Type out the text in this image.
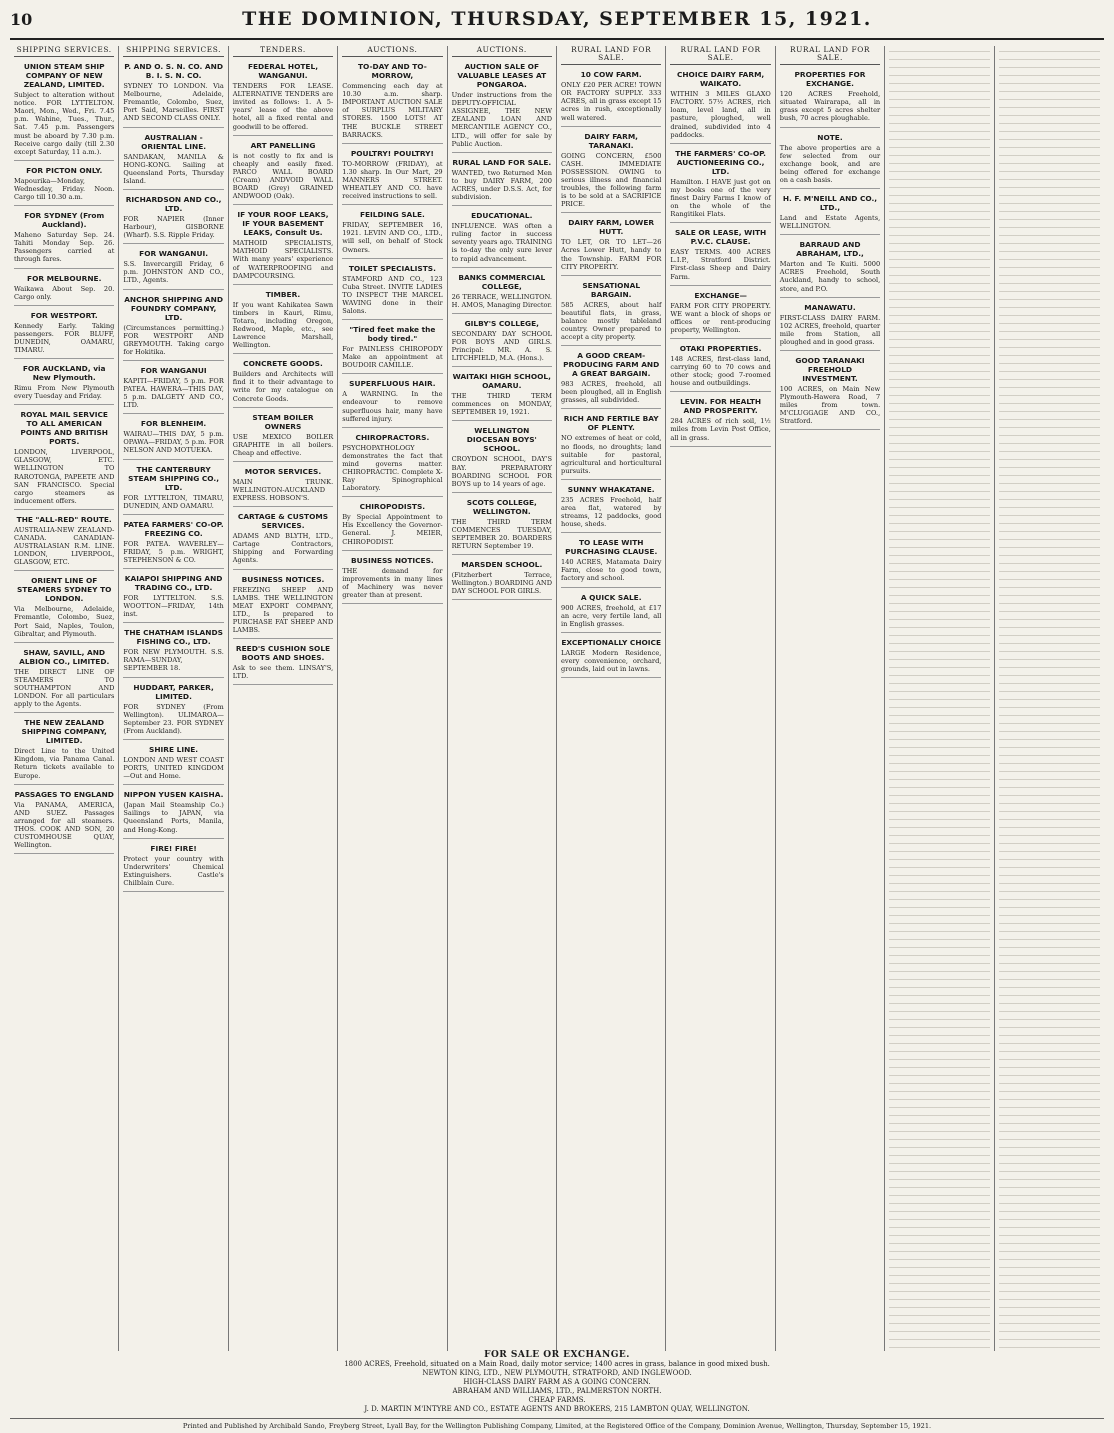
10	THE DOMINION, THURSDAY, SEPTEMBER 15, 1921.
SHIPPING SERVICES.
UNION STEAM SHIP COMPANY OF NEW ZEALAND, LIMITED.
Subject to alteration without notice. FOR LYTTELTON. Maori, Mon., Wed., Fri. 7.45 p.m. Wahine, Tues., Thur., Sat. 7.45 p.m. Passengers must be aboard by 7.30 p.m. Receive cargo daily (till 2.30 except Saturday, 11 a.m.).
FOR PICTON ONLY.
Mapourika—Monday, Wednesday, Friday. Noon. Cargo till 10.30 a.m.
FOR SYDNEY (From Auckland).
Maheno Saturday Sep. 24. Tahiti Monday Sep. 26. Passengers carried at through fares.
FOR MELBOURNE.
Waikawa About Sep. 20. Cargo only.
FOR WESTPORT.
Kennedy Early. Taking passengers. FOR BLUFF, DUNEDIN, OAMARU, TIMARU.
FOR AUCKLAND, via New Plymouth.
Rimu From New Plymouth every Tuesday and Friday.
ROYAL MAIL SERVICE TO ALL AMERICAN POINTS AND BRITISH PORTS.
LONDON, LIVERPOOL, GLASGOW, ETC. WELLINGTON TO RAROTONGA, PAPEETE AND SAN FRANCISCO. Special cargo steamers as inducement offers.
THE "ALL-RED" ROUTE.
AUSTRALIA-NEW ZEALAND-CANADA. CANADIAN-AUSTRALASIAN R.M. LINE. LONDON, LIVERPOOL, GLASGOW, ETC.
ORIENT LINE OF STEAMERS SYDNEY TO LONDON.
Via Melbourne, Adelaide, Fremantle, Colombo, Suez, Port Said, Naples, Toulon, Gibraltar, and Plymouth.
SHAW, SAVILL, AND ALBION CO., LIMITED.
THE DIRECT LINE OF STEAMERS TO SOUTHAMPTON AND LONDON. For all particulars apply to the Agents.
THE NEW ZEALAND SHIPPING COMPANY, LIMITED.
Direct Line to the United Kingdom, via Panama Canal. Return tickets available to Europe.
PASSAGES TO ENGLAND
Via PANAMA, AMERICA, AND SUEZ. Passages arranged for all steamers. THOS. COOK AND SON, 20 CUSTOMHOUSE QUAY, Wellington.
SHIPPING SERVICES.
P. AND O. S. N. CO. AND B. I. S. N. CO.
SYDNEY TO LONDON. Via Melbourne, Adelaide, Fremantle, Colombo, Suez, Port Said, Marseilles. FIRST AND SECOND CLASS ONLY.
AUSTRALIAN - ORIENTAL LINE.
SANDAKAN, MANILA & HONG-KONG. Sailing at Queensland Ports, Thursday Island.
RICHARDSON AND CO., LTD.
FOR NAPIER (Inner Harbour), GISBORNE (Wharf). S.S. Ripple Friday.
FOR WANGANUI.
S.S. Invercargill Friday, 6 p.m. JOHNSTON AND CO., LTD., Agents.
ANCHOR SHIPPING AND FOUNDRY COMPANY, LTD.
(Circumstances permitting.) FOR WESTPORT AND GREYMOUTH. Taking cargo for Hokitika.
FOR WANGANUI
KAPITI—FRIDAY, 5 p.m. FOR PATEA. HAWERA—THIS DAY, 5 p.m. DALGETY AND CO., LTD.
FOR BLENHEIM.
WAIRAU—THIS DAY, 5 p.m. OPAWA—FRIDAY, 5 p.m. FOR NELSON AND MOTUEKA.
THE CANTERBURY STEAM SHIPPING CO., LTD.
FOR LYTTELTON, TIMARU, DUNEDIN, AND OAMARU.
PATEA FARMERS' CO-OP. FREEZING CO.
FOR PATEA. WAVERLEY—FRIDAY, 5 p.m. WRIGHT, STEPHENSON & CO.
KAIAPOI SHIPPING AND TRADING CO., LTD.
FOR LYTTELTON. S.S. WOOTTON—FRIDAY, 14th inst.
THE CHATHAM ISLANDS FISHING CO., LTD.
FOR NEW PLYMOUTH. S.S. RAMA—SUNDAY, SEPTEMBER 18.
HUDDART, PARKER, LIMITED.
FOR SYDNEY (From Wellington). ULIMAROA—September 23. FOR SYDNEY (From Auckland).
SHIRE LINE.
LONDON AND WEST COAST PORTS, UNITED KINGDOM—Out and Home.
NIPPON YUSEN KAISHA.
(Japan Mail Steamship Co.) Sailings to JAPAN, via Queensland Ports, Manila, and Hong-Kong.
FIRE! FIRE!
Protect your country with Underwriters' Chemical Extinguishers. Castle's Chilblain Cure.
TENDERS.
FEDERAL HOTEL, WANGANUI.
TENDERS FOR LEASE. ALTERNATIVE TENDERS are invited as follows: 1. A 5-years' lease of the above hotel, all a fixed rental and goodwill to be offered.
ART PANELLING
is not costly to fix and is cheaply and easily fixed. PARCO WALL BOARD (Cream) ANDVOID WALL BOARD (Grey) GRAINED ANDWOOD (Oak).
IF YOUR ROOF LEAKS, IF YOUR BASEMENT LEAKS, Consult Us.
MATHOID SPECIALISTS, MATHOID SPECIALISTS. With many years' experience of WATERPROOFING and DAMPCOURSING.
TIMBER.
If you want Kahikatea Sawn timbers in Kauri, Rimu, Totara, including Oregon, Redwood, Maple, etc., see Lawrence Marshall, Wellington.
CONCRETE GOODS.
Builders and Architects will find it to their advantage to write for my catalogue on Concrete Goods.
STEAM BOILER OWNERS
USE MEXICO BOILER GRAPHITE in all boilers. Cheap and effective.
MOTOR SERVICES.
MAIN TRUNK. WELLINGTON-AUCKLAND EXPRESS. HOBSON'S.
CARTAGE & CUSTOMS SERVICES.
ADAMS AND BLYTH, LTD., Cartage Contractors, Shipping and Forwarding Agents.
BUSINESS NOTICES.
FREEZING SHEEP AND LAMBS. THE WELLINGTON MEAT EXPORT COMPANY, LTD., Is prepared to PURCHASE FAT SHEEP AND LAMBS.
REED'S CUSHION SOLE BOOTS AND SHOES.
Ask to see them. LINSAY'S, LTD.
AUCTIONS.
TO-DAY AND TO-MORROW,
Commencing each day at 10.30 a.m. sharp. IMPORTANT AUCTION SALE of SURPLUS MILITARY STORES. 1500 LOTS! AT THE BUCKLE STREET BARRACKS.
POULTRY! POULTRY!
TO-MORROW (FRIDAY), at 1.30 sharp. In Our Mart, 29 MANNERS STREET. WHEATLEY AND CO. have received instructions to sell.
FEILDING SALE.
FRIDAY, SEPTEMBER 16, 1921. LEVIN AND CO., LTD., will sell, on behalf of Stock Owners.
TOILET SPECIALISTS.
STAMFORD AND CO., 123 Cuba Street. INVITE LADIES TO INSPECT THE MARCEL WAVING done in their Salons.
"Tired feet make the body tired."
For PAINLESS CHIROPODY Make an appointment at BOUDOIR CAMILLE.
SUPERFLUOUS HAIR.
A WARNING. In the endeavour to remove superfluous hair, many have suffered injury.
CHIROPRACTORS.
PSYCHOPATHOLOGY demonstrates the fact that mind governs matter. CHIROPRACTIC. Complete X-Ray Spinographical Laboratory.
CHIROPODISTS.
By Special Appointment to His Excellency the Governor-General. J. MEIER, CHIROPODIST.
BUSINESS NOTICES.
THE demand for improvements in many lines of Machinery was never greater than at present.
AUCTIONS.
AUCTION SALE OF VALUABLE LEASES AT PONGAROA.
Under instructions from the DEPUTY-OFFICIAL ASSIGNEE, THE NEW ZEALAND LOAN AND MERCANTILE AGENCY CO., LTD., will offer for sale by Public Auction.
RURAL LAND FOR SALE.
WANTED, two Returned Men to buy DAIRY FARM, 200 ACRES, under D.S.S. Act, for subdivision.
EDUCATIONAL.
INFLUENCE. WAS often a ruling factor in success seventy years ago. TRAINING is to-day the only sure lever to rapid advancement.
BANKS COMMERCIAL COLLEGE,
26 TERRACE, WELLINGTON. H. AMOS, Managing Director.
GILBY'S COLLEGE,
SECONDARY DAY SCHOOL FOR BOYS AND GIRLS. Principal: MR. A. S. LITCHFIELD, M.A. (Hons.).
WAITAKI HIGH SCHOOL, OAMARU.
THE THIRD TERM commences on MONDAY, SEPTEMBER 19, 1921.
WELLINGTON DIOCESAN BOYS' SCHOOL.
CROYDON SCHOOL, DAY'S BAY. PREPARATORY BOARDING SCHOOL FOR BOYS up to 14 years of age.
SCOTS COLLEGE, WELLINGTON.
THE THIRD TERM COMMENCES TUESDAY, SEPTEMBER 20. BOARDERS RETURN September 19.
MARSDEN SCHOOL.
(Fitzherbert Terrace, Wellington.) BOARDING AND DAY SCHOOL FOR GIRLS.
RURAL LAND FOR SALE.
10 COW FARM.
ONLY £20 PER ACRE! TOWN OR FACTORY SUPPLY. 333 ACRES, all in grass except 15 acres in rush, exceptionally well watered.
DAIRY FARM, TARANAKI.
GOING CONCERN, £500 CASH. IMMEDIATE POSSESSION. OWING to serious illness and financial troubles, the following farm is to be sold at a SACRIFICE PRICE.
DAIRY FARM, LOWER HUTT.
TO LET, OR TO LET—26 Acres Lower Hutt, handy to the Township. FARM FOR CITY PROPERTY.
SENSATIONAL BARGAIN.
585 ACRES, about half beautiful flats, in grass, balance mostly tableland country. Owner prepared to accept a city property.
A GOOD CREAM-PRODUCING FARM AND A GREAT BARGAIN.
983 ACRES, freehold, all been ploughed, all in English grasses, all subdivided.
RICH AND FERTILE BAY OF PLENTY.
NO extremes of heat or cold, no floods, no droughts; land suitable for pastoral, agricultural and horticultural pursuits.
SUNNY WHAKATANE.
235 ACRES Freehold, half area flat, watered by streams, 12 paddocks, good house, sheds.
TO LEASE WITH PURCHASING CLAUSE.
140 ACRES, Matamata Dairy Farm, close to good town, factory and school.
A QUICK SALE.
900 ACRES, freehold, at £17 an acre, very fertile land, all in English grasses.
EXCEPTIONALLY CHOICE
LARGE Modern Residence, every convenience, orchard, grounds, laid out in lawns.
RURAL LAND FOR SALE.
CHOICE DAIRY FARM, WAIKATO.
WITHIN 3 MILES GLAXO FACTORY. 57½ ACRES, rich loam, level land, all in pasture, ploughed, well drained, subdivided into 4 paddocks.
THE FARMERS' CO-OP. AUCTIONEERING CO., LTD.
Hamilton. I HAVE just got on my books one of the very finest Dairy Farms I know of on the whole of the Rangitikei Flats.
SALE OR LEASE, WITH P.V.C. CLAUSE.
EASY TERMS. 400 ACRES L.I.P., Stratford District. First-class Sheep and Dairy Farm.
EXCHANGE—
FARM FOR CITY PROPERTY. WE want a block of shops or offices or rent-producing property, Wellington.
OTAKI PROPERTIES.
148 ACRES, first-class land, carrying 60 to 70 cows and other stock; good 7-roomed house and outbuildings.
LEVIN. FOR HEALTH AND PROSPERITY.
284 ACRES of rich soil, 1½ miles from Levin Post Office, all in grass.
RURAL LAND FOR SALE.
PROPERTIES FOR EXCHANGE.
120 ACRES Freehold, situated Wairarapa, all in grass except 5 acres shelter bush, 70 acres ploughable.
NOTE.
The above properties are a few selected from our exchange book, and are being offered for exchange on a cash basis.
H. F. M'NEILL AND CO., LTD.,
Land and Estate Agents, WELLINGTON.
BARRAUD AND ABRAHAM, LTD.,
Marton and Te Kuiti. 5000 ACRES Freehold, South Auckland, handy to school, store, and P.O.
MANAWATU.
FIRST-CLASS DAIRY FARM. 102 ACRES, freehold, quarter mile from Station, all ploughed and in good grass.
GOOD TARANAKI FREEHOLD INVESTMENT.
100 ACRES, on Main New Plymouth-Hawera Road, 7 miles from town. M'CLUGGAGE AND CO., Stratford.
FOR SALE OR EXCHANGE.
1800 ACRES, Freehold, situated on a Main Road, daily motor service; 1400 acres in grass, balance in good mixed bush.
NEWTON KING, LTD., NEW PLYMOUTH, STRATFORD, AND INGLEWOOD.
HIGH-CLASS DAIRY FARM AS A GOING CONCERN.
ABRAHAM AND WILLIAMS, LTD., PALMERSTON NORTH.
CHEAP FARMS.
J. D. MARTIN M'INTYRE AND CO., ESTATE AGENTS AND BROKERS, 215 LAMBTON QUAY, WELLINGTON.
Printed and Published by Archibald Sando, Freyberg Street, Lyall Bay, for the Wellington Publishing Company, Limited, at the Registered Office of the Company, Dominion Avenue, Wellington, Thursday, September 15, 1921.
